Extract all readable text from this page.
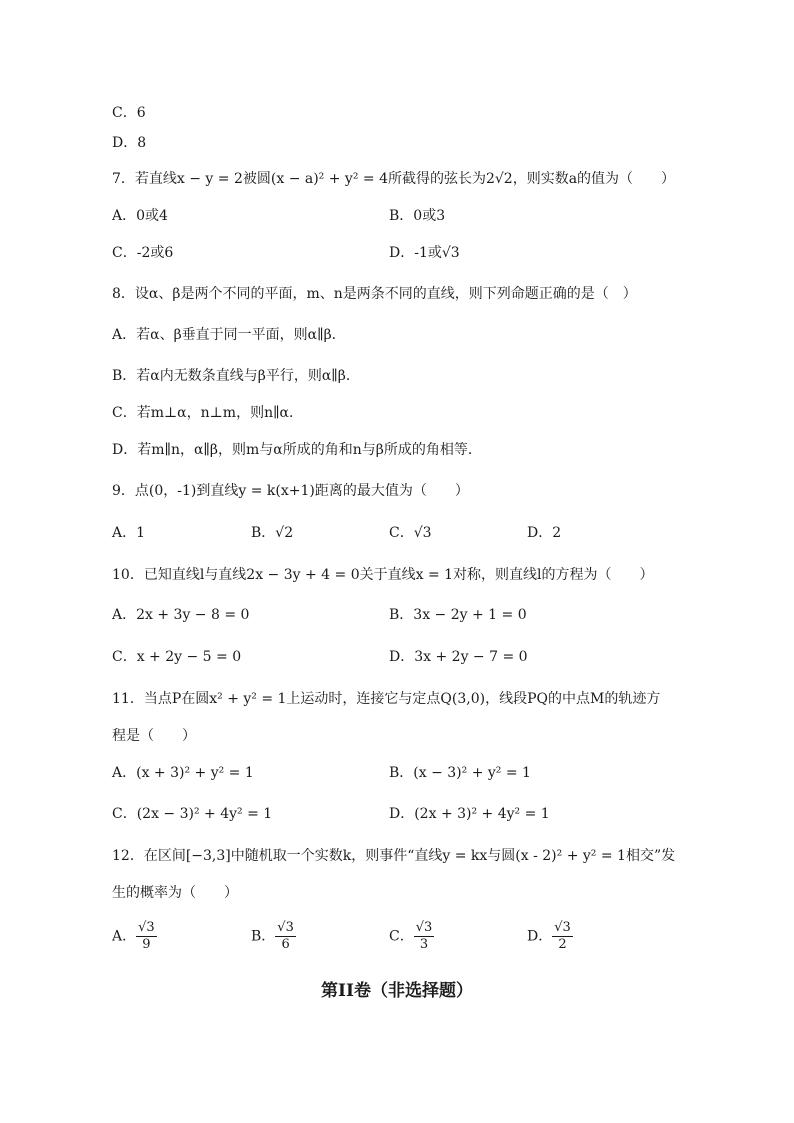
C．6
D．8
7．若直线x − y = 2被圆(x − a)² + y² = 4所截得的弦长为2√2，则实数a的值为（　　）
A．0或4	B．0或3
C．-2或6	D．-1或√3
8．设α、β是两个不同的平面，m、n是两条不同的直线，则下列命题正确的是（　）
A．若α、β垂直于同一平面，则α∥β．
B．若α内无数条直线与β平行，则α∥β．
C．若m⊥α，n⊥m，则n∥α．
D．若m∥n，α∥β，则m与α所成的角和n与β所成的角相等．
9．点(0，-1)到直线y = k(x+1)距离的最大值为（　　）
A．1	B．√2	C．√3	D．2
10．已知直线l与直线2x − 3y + 4 = 0关于直线x = 1对称，则直线l的方程为（　　）
A．2x + 3y − 8 = 0	B．3x − 2y + 1 = 0
C．x + 2y − 5 = 0	D．3x + 2y − 7 = 0
11．当点P在圆x² + y² = 1上运动时，连接它与定点Q(3,0)，线段PQ的中点M的轨迹方
程是（　　）
A．(x + 3)² + y² = 1	B．(x − 3)² + y² = 1
C．(2x − 3)² + 4y² = 1	D．(2x + 3)² + 4y² = 1
12．在区间[−3,3]中随机取一个实数k，则事件“直线y = kx与圆(x - 2)² + y² = 1相交”发
生的概率为（　　）
A． $\frac{√3}{9}$	B． $\frac{√3}{6}$	C． $\frac{√3}{3}$	D． $\frac{√3}{2}$
第II卷（非选择题）
